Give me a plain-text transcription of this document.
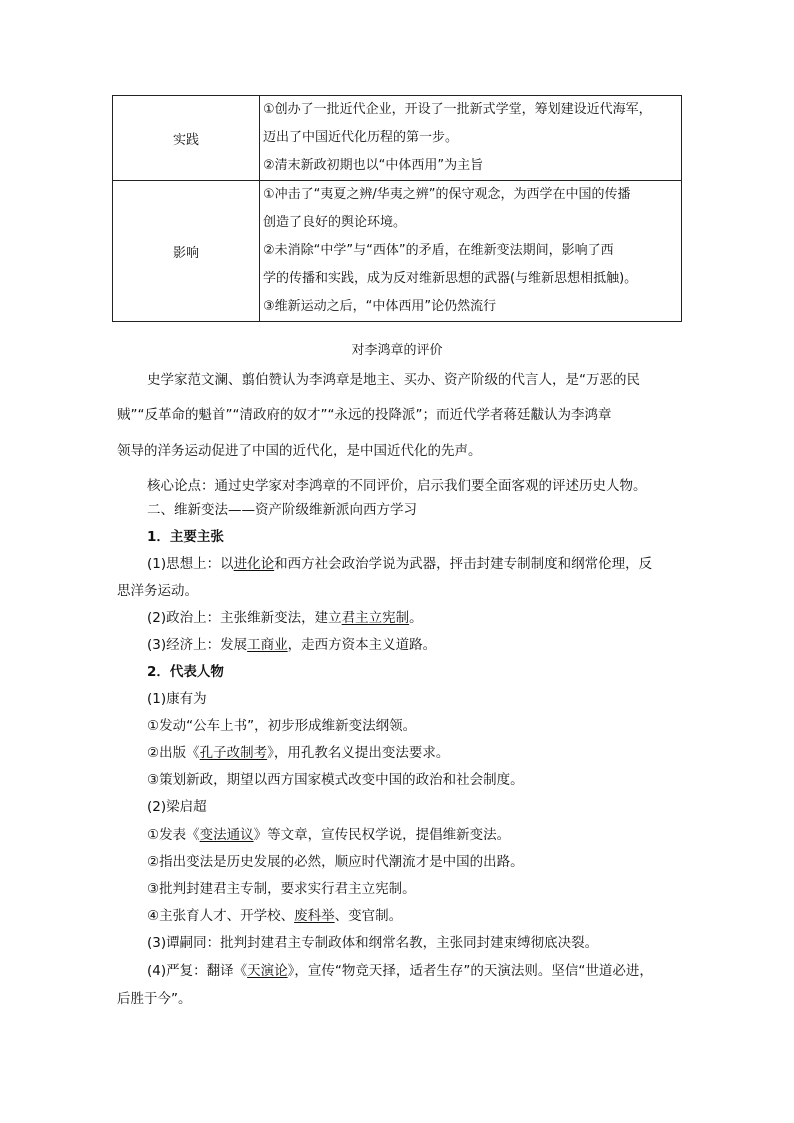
实践	①创办了一批近代企业，开设了一批新式学堂，筹划建设近代海军，
迈出了中国近代化历程的第一步。
②清末新政初期也以“中体西用”为主旨

影响	①冲击了“夷夏之辨/华夷之辨”的保守观念，为西学在中国的传播
创造了良好的舆论环境。
②未消除“中学”与“西体”的矛盾，在维新变法期间，影响了西
学的传播和实践，成为反对维新思想的武器(与维新思想相抵触)。
③维新运动之后，“中体西用”论仍然流行
对李鸿章的评价
史学家范文澜、翦伯赞认为李鸿章是地主、买办、资产阶级的代言人，是“万恶的民
贼”“反革命的魁首”“清政府的奴才”“永远的投降派”；而近代学者蒋廷黻认为李鸿章
领导的洋务运动促进了中国的近代化，是中国近代化的先声。
核心论点：通过史学家对李鸿章的不同评价，启示我们要全面客观的评述历史人物。
二、维新变法——资产阶级维新派向西方学习
1．主要主张
(1)思想上：以进化论和西方社会政治学说为武器，抨击封建专制制度和纲常伦理，反
思洋务运动。
(2)政治上：主张维新变法，建立君主立宪制。
(3)经济上：发展工商业，走西方资本主义道路。
2．代表人物
(1)康有为
①发动“公车上书”，初步形成维新变法纲领。
②出版《孔子改制考》，用孔教名义提出变法要求。
③策划新政，期望以西方国家模式改变中国的政治和社会制度。
(2)梁启超
①发表《变法通议》等文章，宣传民权学说，提倡维新变法。
②指出变法是历史发展的必然，顺应时代潮流才是中国的出路。
③批判封建君主专制，要求实行君主立宪制。
④主张育人才、开学校、废科举、变官制。
(3)谭嗣同：批判封建君主专制政体和纲常名教，主张同封建束缚彻底决裂。
(4)严复：翻译《天演论》，宣传“物竞天择，适者生存”的天演法则。坚信“世道必进，
后胜于今”。
